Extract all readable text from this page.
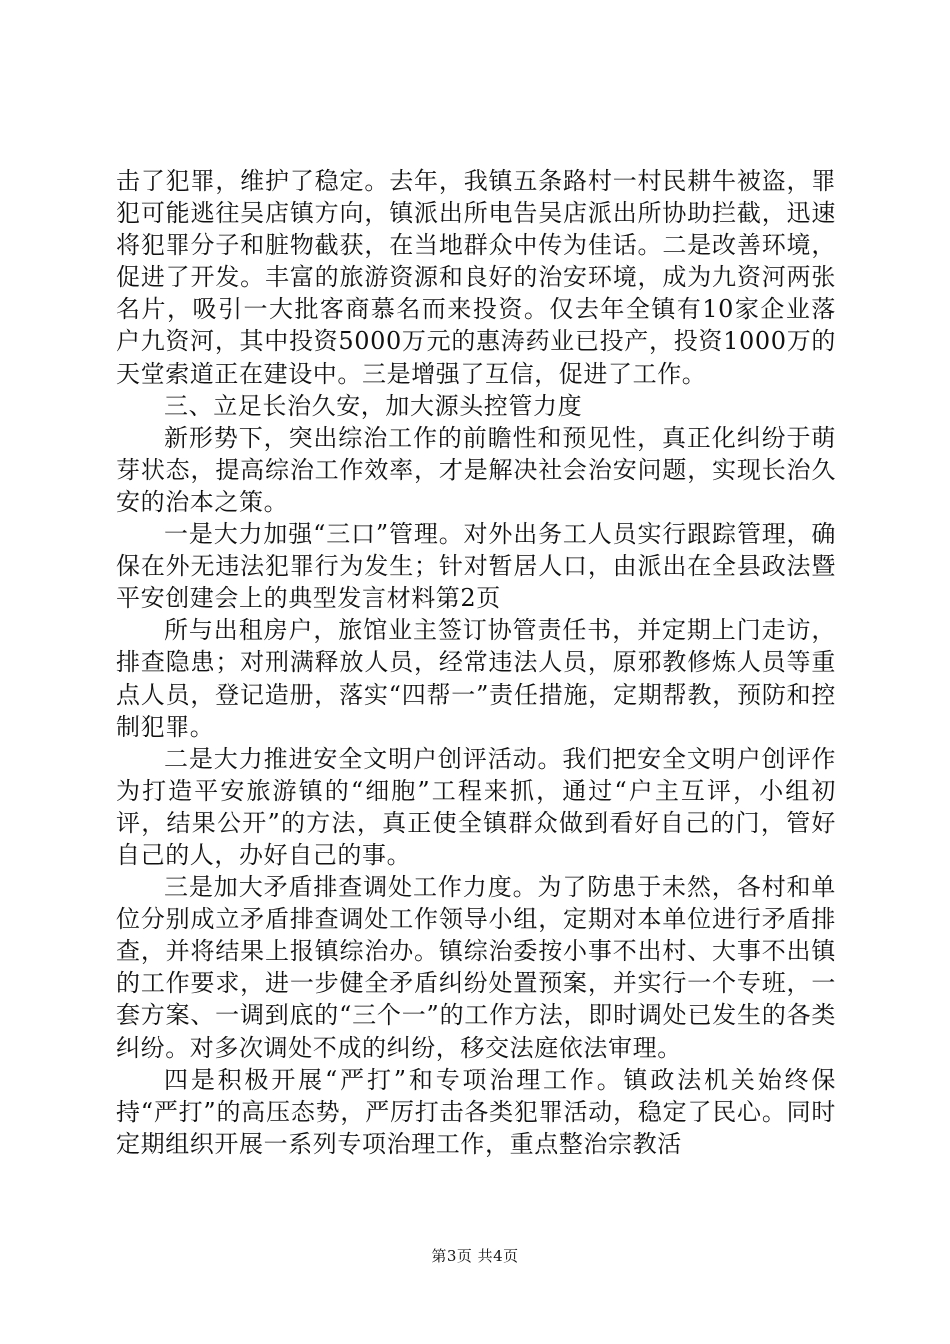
击了犯罪，维护了稳定。去年，我镇五条路村一村民耕牛被盗，罪犯可能逃往吴店镇方向，镇派出所电告吴店派出所协助拦截，迅速将犯罪分子和脏物截获，在当地群众中传为佳话。二是改善环境，促进了开发。丰富的旅游资源和良好的治安环境，成为九资河两张名片，吸引一大批客商慕名而来投资。仅去年全镇有10家企业落户九资河，其中投资5000万元的惠涛药业已投产，投资1000万的天堂索道正在建设中。三是增强了互信，促进了工作。

三、立足长治久安，加大源头控管力度

新形势下，突出综治工作的前瞻性和预见性，真正化纠纷于萌芽状态，提高综治工作效率，才是解决社会治安问题，实现长治久安的治本之策。

一是大力加强“三口”管理。对外出务工人员实行跟踪管理，确保在外无违法犯罪行为发生；针对暂居人口，由派出在全县政法暨平安创建会上的典型发言材料第2页

所与出租房户，旅馆业主签订协管责任书，并定期上门走访，排查隐患；对刑满释放人员，经常违法人员，原邪教修炼人员等重点人员，登记造册，落实“四帮一”责任措施，定期帮教，预防和控制犯罪。

二是大力推进安全文明户创评活动。我们把安全文明户创评作为打造平安旅游镇的“细胞”工程来抓，通过“户主互评，小组初评，结果公开”的方法，真正使全镇群众做到看好自己的门，管好自己的人，办好自己的事。

三是加大矛盾排查调处工作力度。为了防患于未然，各村和单位分别成立矛盾排查调处工作领导小组，定期对本单位进行矛盾排查，并将结果上报镇综治办。镇综治委按小事不出村、大事不出镇的工作要求，进一步健全矛盾纠纷处置预案，并实行一个专班，一套方案、一调到底的“三个一”的工作方法，即时调处已发生的各类纠纷。对多次调处不成的纠纷，移交法庭依法审理。

四是积极开展“严打”和专项治理工作。镇政法机关始终保持“严打”的高压态势，严厉打击各类犯罪活动，稳定了民心。同时定期组织开展一系列专项治理工作，重点整治宗教活

第3页 共4页
